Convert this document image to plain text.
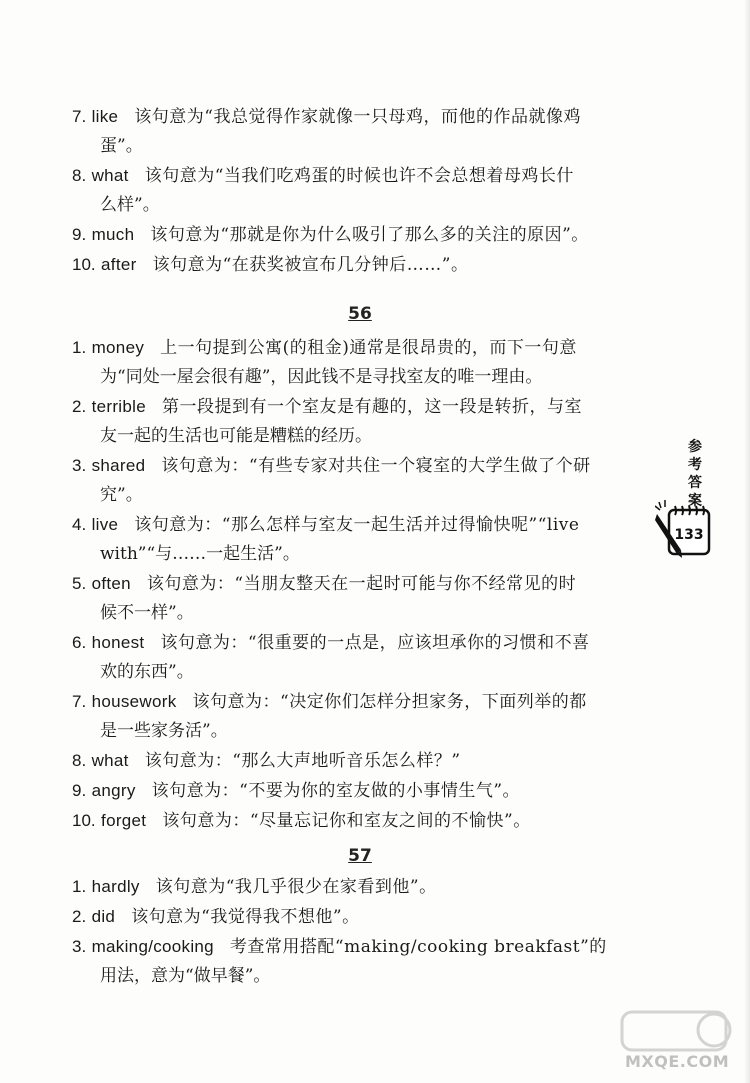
7. like 该句意为“我总觉得作家就像一只母鸡，而他的作品就像鸡

蛋”。

8. what 该句意为“当我们吃鸡蛋的时候也许不会总想着母鸡长什

么样”。

9. much 该句意为“那就是你为什么吸引了那么多的关注的原因”。

10. after 该句意为“在获奖被宣布几分钟后……”。

56

1. money 上一句提到公寓(的租金)通常是很昂贵的，而下一句意

为“同处一屋会很有趣”，因此钱不是寻找室友的唯一理由。

2. terrible 第一段提到有一个室友是有趣的，这一段是转折，与室

友一起的生活也可能是糟糕的经历。

3. shared 该句意为：“有些专家对共住一个寝室的大学生做了个研

究”。

4. live 该句意为：“那么怎样与室友一起生活并过得愉快呢”“live

with”“与……一起生活”。

5. often 该句意为：“当朋友整天在一起时可能与你不经常见的时

候不一样”。

6. honest 该句意为：“很重要的一点是，应该坦承你的习惯和不喜

欢的东西”。

7. housework 该句意为：“决定你们怎样分担家务，下面列举的都

是一些家务活”。

8. what 该句意为：“那么大声地听音乐怎么样？”

9. angry 该句意为：“不要为你的室友做的小事情生气”。

10. forget 该句意为：“尽量忘记你和室友之间的不愉快”。

57

1. hardly 该句意为“我几乎很少在家看到他”。

2. did 该句意为“我觉得我不想他”。

3. making/cooking 考查常用搭配“making/cooking breakfast”的

用法，意为“做早餐”。

参考答案
133
MXQE.COM
